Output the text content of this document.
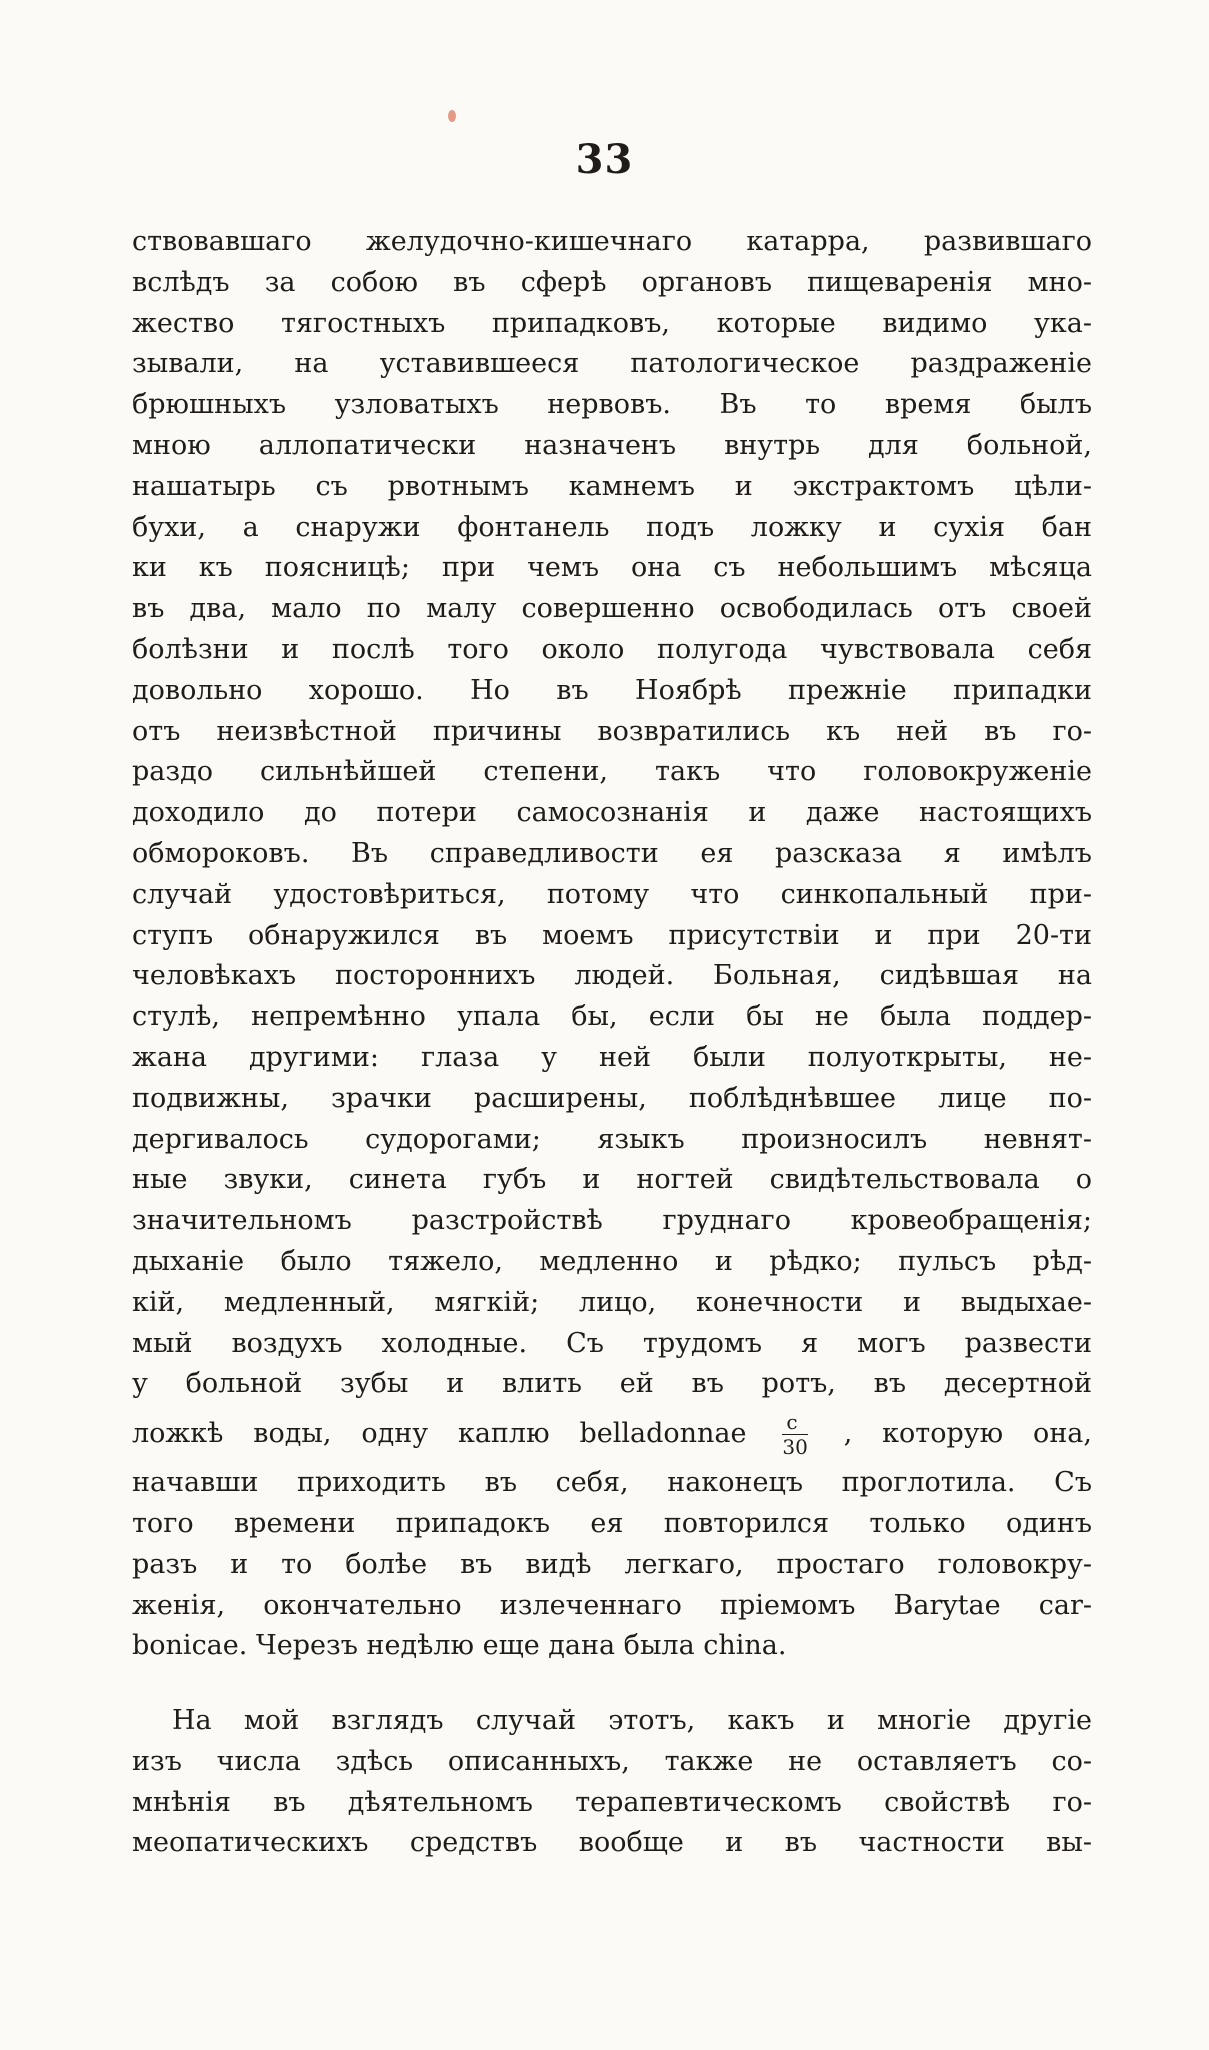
33
ствовавшаго желудочно-кишечнаго катарра, развившаго
вслѣдъ за собою въ сферѣ органовъ пищеваренія мно-
жество тягостныхъ припадковъ, которые видимо ука-
зывали, на уставившееся патологическое раздраженіе
брюшныхъ узловатыхъ нервовъ. Въ то время былъ
мною аллопатически назначенъ внутрь для больной,
нашатырь съ рвотнымъ камнемъ и экстрактомъ цѣли-
бухи, а снаружи фонтанель подъ ложку и сухія бан
ки къ поясницѣ; при чемъ она съ небольшимъ мѣсяца
въ два, мало по малу совершенно освободилась отъ своей
болѣзни и послѣ того около полугода чувствовала себя
довольно хорошо. Но въ Ноябрѣ прежніе припадки
отъ неизвѣстной причины возвратились къ ней въ го-
раздо сильнѣйшей степени, такъ что головокруженіе
доходило до потери самосознанія и даже настоящихъ
обмороковъ. Въ справедливости ея разсказа я имѣлъ
случай удостовѣриться, потому что синкопальный при-
ступъ обнаружился въ моемъ присутствіи и при 20-ти
человѣкахъ постороннихъ людей. Больная, сидѣвшая на
стулѣ, непремѣнно упала бы, если бы не была поддер-
жана другими: глаза у ней были полуоткрыты, не-
подвижны, зрачки расширены, поблѣднѣвшее лице по-
дергивалось судорогами; языкъ произносилъ невнят-
ные звуки, синета губъ и ногтей свидѣтельствовала о
значительномъ разстройствѣ груднаго кровеобращенія;
дыханіе было тяжело, медленно и рѣдко; пульсъ рѣд-
кій, медленный, мягкій; лицо, конечности и выдыхае-
мый воздухъ холодные. Съ трудомъ я могъ развести
у больной зубы и влить ей въ ротъ, въ десертной
ложкѣ воды, одну каплю belladonnae $\frac{c}{30}$ , которую она,
начавши приходить въ себя, наконецъ проглотила. Съ
того времени припадокъ ея повторился только одинъ
разъ и то болѣе въ видѣ легкаго, простаго головокру-
женія, окончательно излеченнаго пріемомъ Barytae car-
bonicae. Черезъ недѣлю еще дана была china.
На мой взглядъ случай этотъ, какъ и многіе другіе
изъ числа здѣсь описанныхъ, также не оставляетъ со-
мнѣнія въ дѣятельномъ терапевтическомъ свойствѣ го-
меопатическихъ средствъ вообще и въ частности вы-
